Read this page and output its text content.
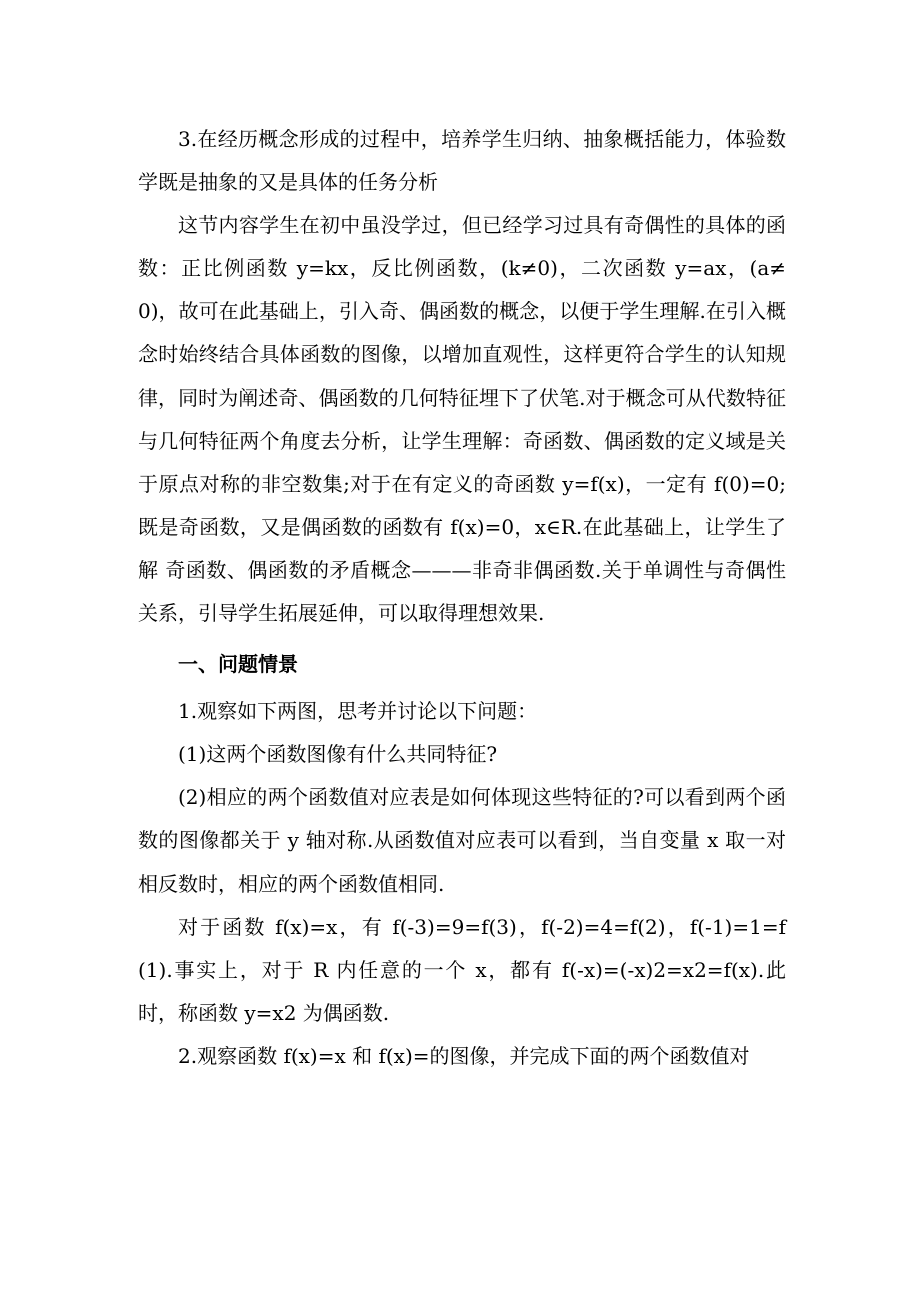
3.在经历概念形成的过程中，培养学生归纳、抽象概括能力，体验数学既是抽象的又是具体的任务分析

这节内容学生在初中虽没学过，但已经学习过具有奇偶性的具体的函数：正比例函数 y=kx，反比例函数，(k≠0)，二次函数 y=ax，(a≠0)，故可在此基础上，引入奇、偶函数的概念，以便于学生理解.在引入概念时始终结合具体函数的图像，以增加直观性，这样更符合学生的认知规律，同时为阐述奇、偶函数的几何特征埋下了伏笔.对于概念可从代数特征与几何特征两个角度去分析，让学生理解：奇函数、偶函数的定义域是关于原点对称的非空数集;对于在有定义的奇函数 y=f(x)，一定有 f(0)=0;既是奇函数，又是偶函数的函数有 f(x)=0，x∈R.在此基础上，让学生了解 奇函数、偶函数的矛盾概念———非奇非偶函数.关于单调性与奇偶性关系，引导学生拓展延伸，可以取得理想效果.

一、问题情景

1.观察如下两图，思考并讨论以下问题：

(1)这两个函数图像有什么共同特征?

(2)相应的两个函数值对应表是如何体现这些特征的?可以看到两个函数的图像都关于 y 轴对称.从函数值对应表可以看到，当自变量 x 取一对相反数时，相应的两个函数值相同.

对于函数 f(x)=x，有 f(-3)=9=f(3)，f(-2)=4=f(2)，f(-1)=1=f(1).事实上，对于 R 内任意的一个 x，都有 f(-x)=(-x)2=x2=f(x).此时，称函数 y=x2 为偶函数.

2.观察函数 f(x)=x 和 f(x)=的图像，并完成下面的两个函数值对
